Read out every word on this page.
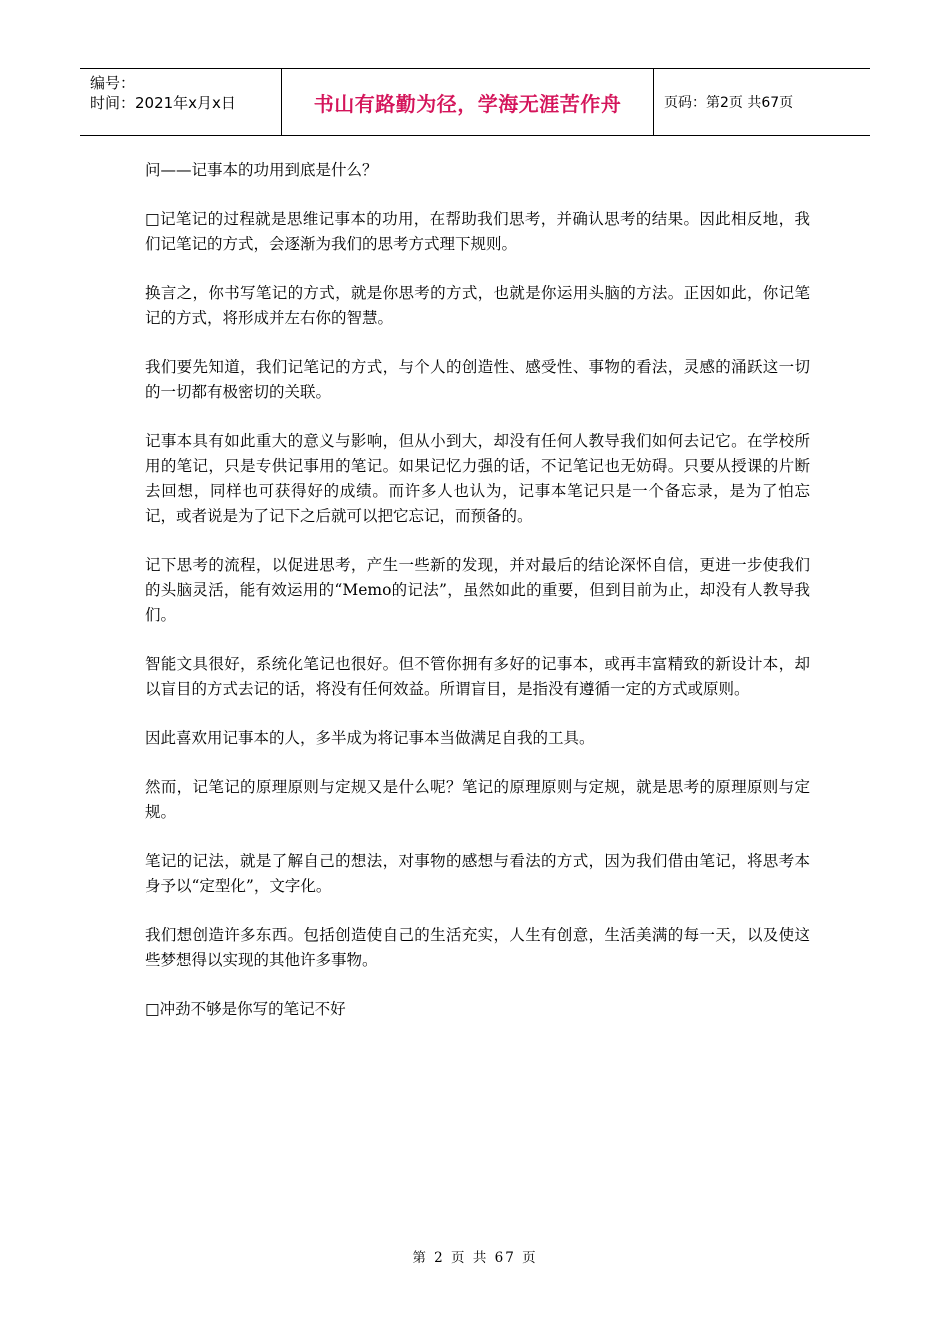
编号：
时间：2021年x月x日	书山有路勤为径，学海无涯苦作舟	页码：第2页 共67页

问——记事本的功用到底是什么？

□记笔记的过程就是思维记事本的功用，在帮助我们思考，并确认思考的结果。因此相反地，我们记笔记的方式，会逐渐为我们的思考方式理下规则。

换言之，你书写笔记的方式，就是你思考的方式，也就是你运用头脑的方法。正因如此，你记笔记的方式，将形成并左右你的智慧。

我们要先知道，我们记笔记的方式，与个人的创造性、感受性、事物的看法，灵感的涌跃这一切的一切都有极密切的关联。

记事本具有如此重大的意义与影响，但从小到大，却没有任何人教导我们如何去记它。在学校所用的笔记，只是专供记事用的笔记。如果记忆力强的话，不记笔记也无妨碍。只要从授课的片断去回想，同样也可获得好的成绩。而许多人也认为，记事本笔记只是一个备忘录，是为了怕忘记，或者说是为了记下之后就可以把它忘记，而预备的。

记下思考的流程，以促进思考，产生一些新的发现，并对最后的结论深怀自信，更进一步使我们的头脑灵活，能有效运用的“Memo的记法”，虽然如此的重要，但到目前为止，却没有人教导我们。

智能文具很好，系统化笔记也很好。但不管你拥有多好的记事本，或再丰富精致的新设计本，却以盲目的方式去记的话，将没有任何效益。所谓盲目，是指没有遵循一定的方式或原则。

因此喜欢用记事本的人，多半成为将记事本当做满足自我的工具。

然而，记笔记的原理原则与定规又是什么呢？笔记的原理原则与定规，就是思考的原理原则与定规。

笔记的记法，就是了解自己的想法，对事物的感想与看法的方式，因为我们借由笔记，将思考本身予以“定型化”，文字化。

我们想创造许多东西。包括创造使自己的生活充实，人生有创意，生活美满的每一天，以及使这些梦想得以实现的其他许多事物。

□冲劲不够是你写的笔记不好

第 2 页 共 67 页
